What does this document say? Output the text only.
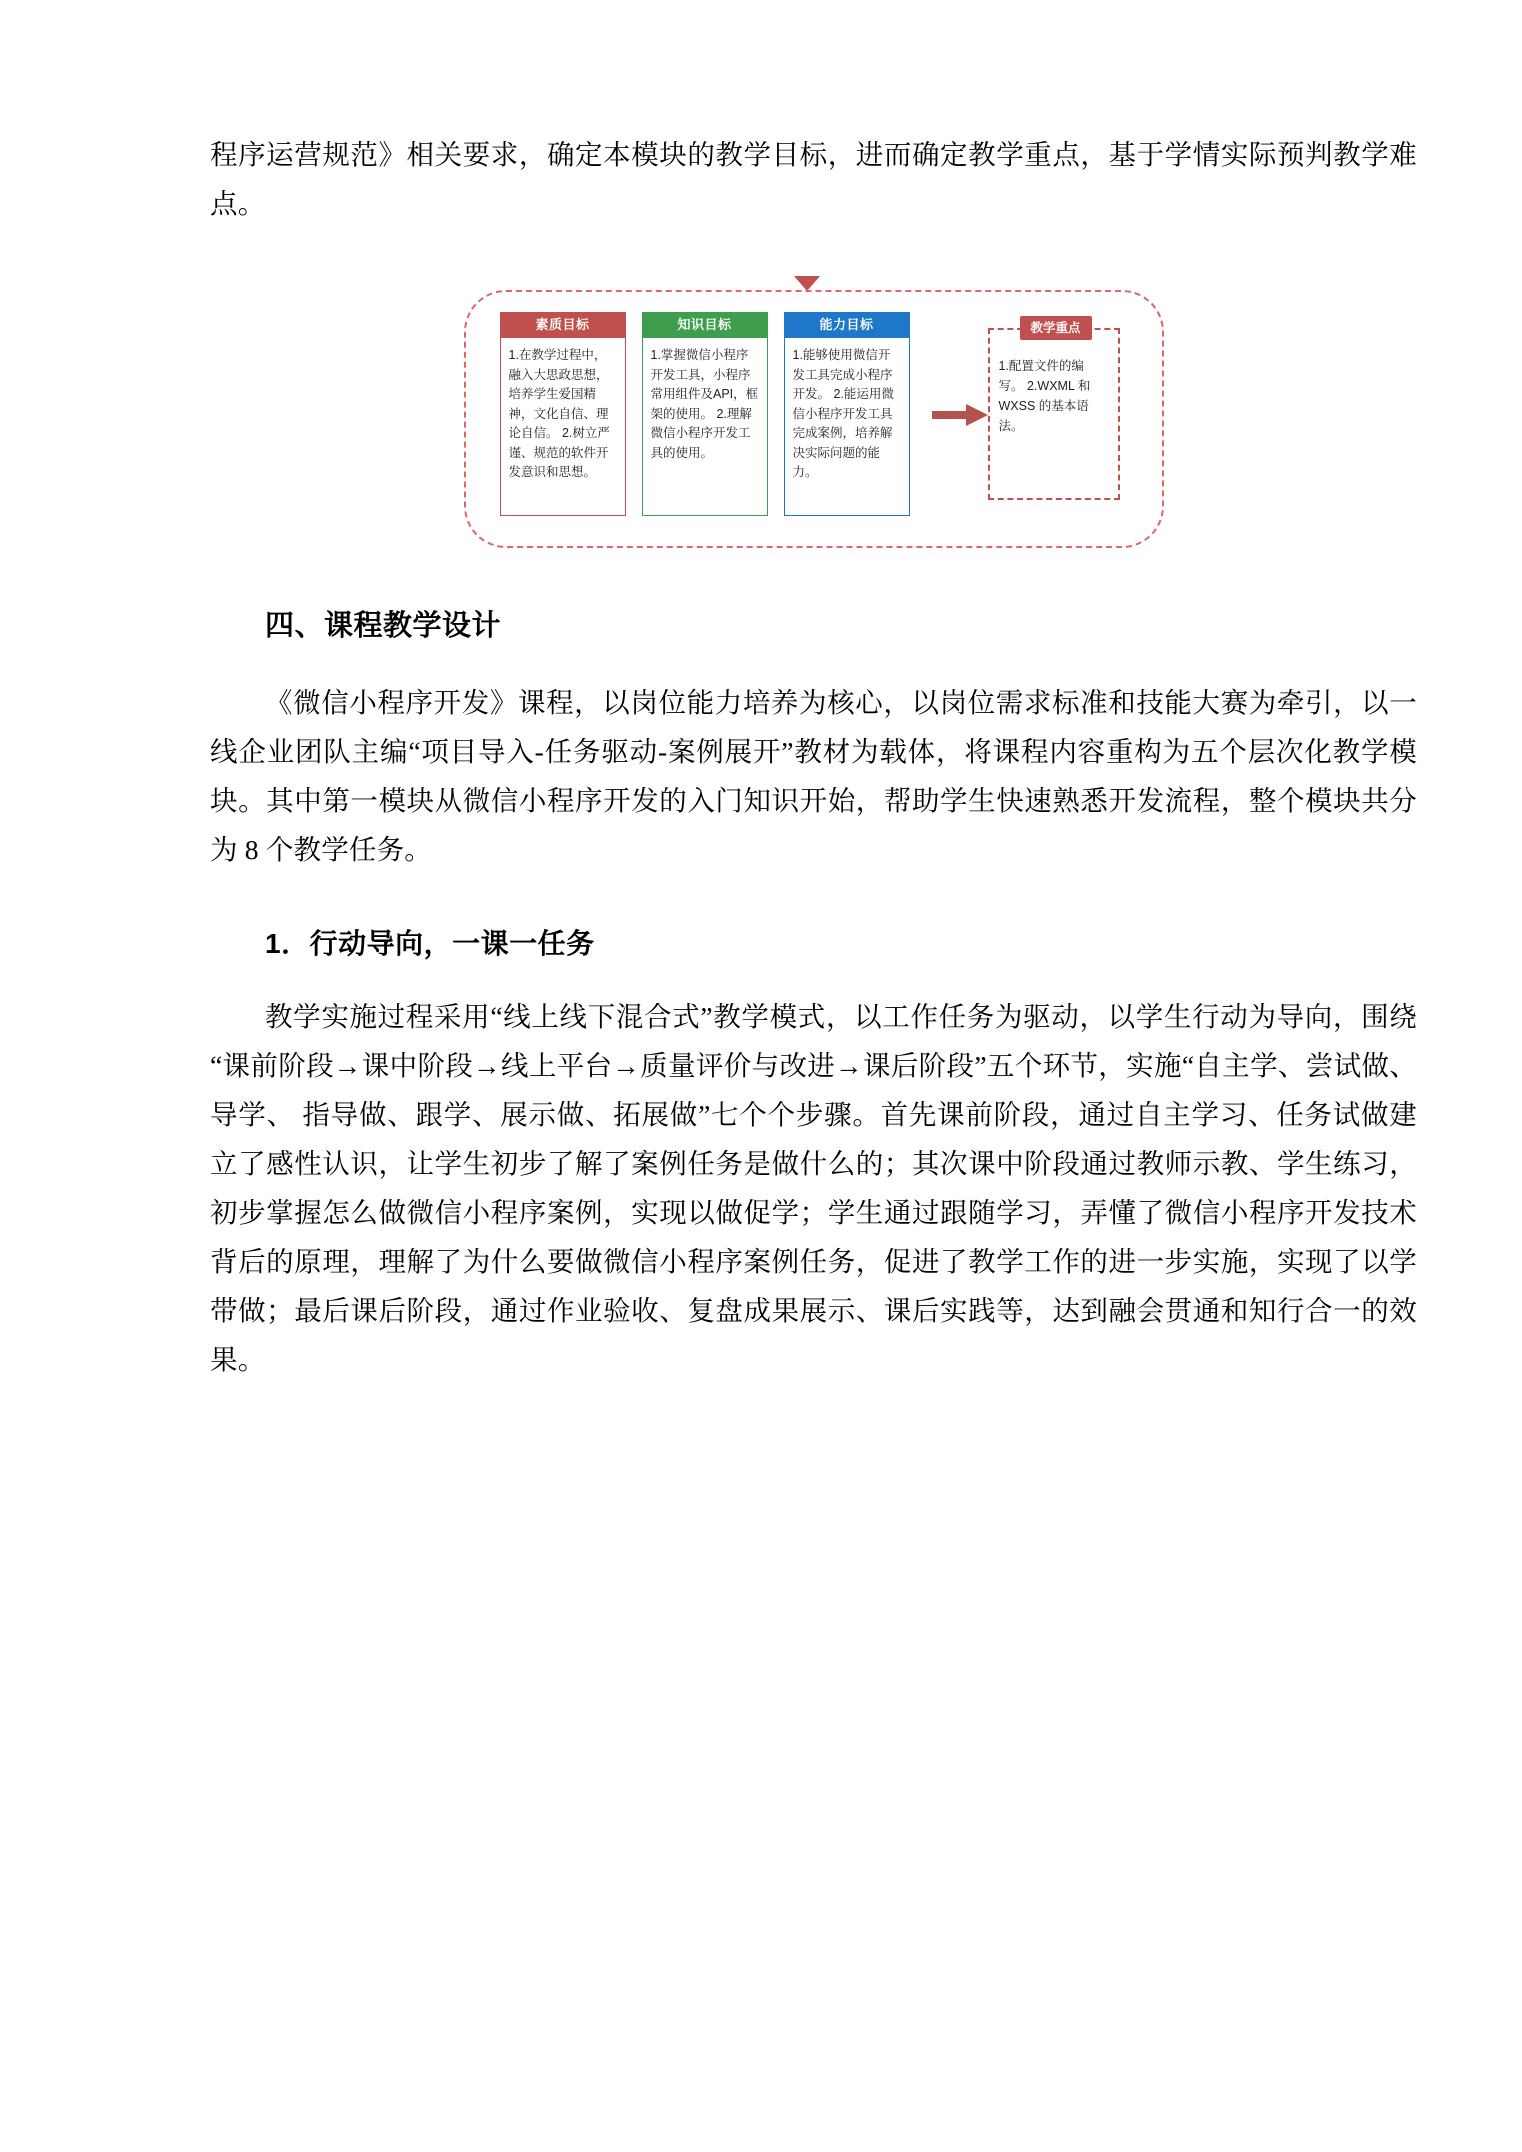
程序运营规范》相关要求，确定本模块的教学目标，进而确定教学重点，基于学情实际预判教学难点。

素质目标
1.在教学过程中，融入大思政思想，培养学生爱国精神，文化自信、理论自信。 2.树立严谨、规范的软件开发意识和思想。
知识目标
1.掌握微信小程序开发工具，小程序常用组件及API，框架的使用。 2.理解微信小程序开发工具的使用。
能力目标
1.能够使用微信开发工具完成小程序开发。 2.能运用微信小程序开发工具完成案例，培养解决实际问题的能力。
1.配置文件的编写。 2.WXML 和 WXSS 的基本语法。
教学重点
四、课程教学设计

《微信小程序开发》课程，以岗位能力培养为核心，以岗位需求标准和技能大赛为牵引，以一线企业团队主编“项目导入-任务驱动-案例展开”教材为载体，将课程内容重构为五个层次化教学模块。其中第一模块从微信小程序开发的入门知识开始，帮助学生快速熟悉开发流程，整个模块共分为 8 个教学任务。

1．行动导向，一课一任务

教学实施过程采用“线上线下混合式”教学模式，以工作任务为驱动，以学生行动为导向，围绕 “课前阶段→课中阶段→线上平台→质量评价与改进→课后阶段”五个环节，实施“自主学、尝试做、导学、 指导做、跟学、展示做、拓展做”七个个步骤。首先课前阶段，通过自主学习、任务试做建立了感性认识，让学生初步了解了案例任务是做什么的；其次课中阶段通过教师示教、学生练习，初步掌握怎么做微信小程序案例，实现以做促学；学生通过跟随学习，弄懂了微信小程序开发技术背后的原理，理解了为什么要做微信小程序案例任务，促进了教学工作的进一步实施，实现了以学带做；最后课后阶段，通过作业验收、复盘成果展示、课后实践等，达到融会贯通和知行合一的效果。
